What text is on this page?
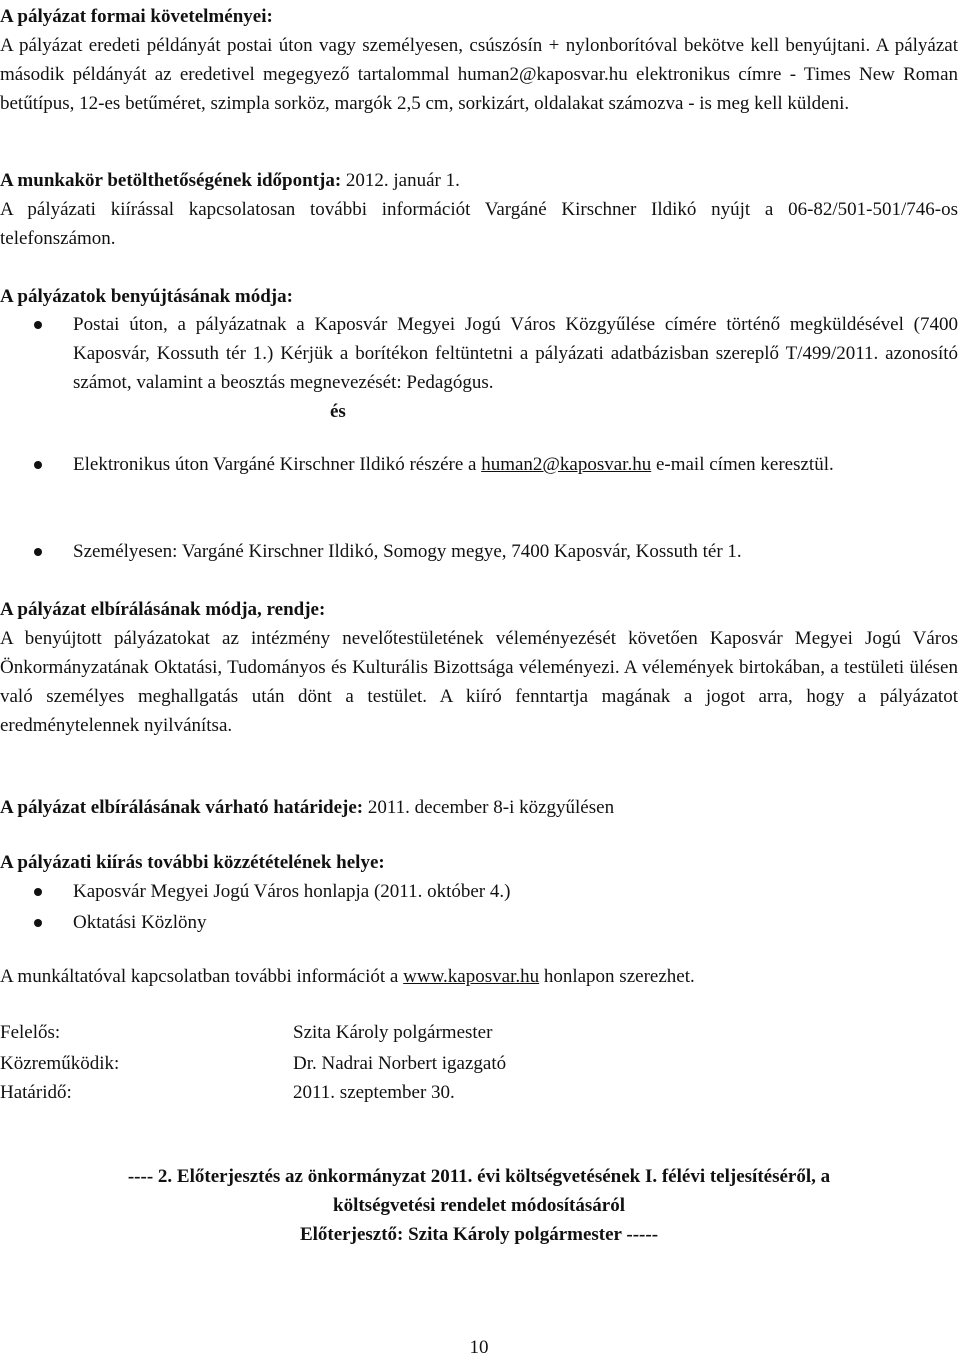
A pályázat formai követelményei:
A pályázat eredeti példányát postai úton vagy személyesen, csúszósín + nylonborítóval bekötve kell benyújtani. A pályázat második példányát az eredetivel megegyező tartalommal human2@kaposvar.hu elektronikus címre - Times New Roman betűtípus, 12-es betűméret, szimpla sorköz, margók 2,5 cm, sorkizárt, oldalakat számozva - is meg kell küldeni.
A munkakör betölthetőségének időpontja: 2012. január 1.
A pályázati kiírással kapcsolatosan további információt Vargáné Kirschner Ildikó nyújt a 06-82/501-501/746-os telefonszámon.
A pályázatok benyújtásának módja:
Postai úton, a pályázatnak a Kaposvár Megyei Jogú Város Közgyűlése címére történő megküldésével (7400 Kaposvár, Kossuth tér 1.) Kérjük a borítékon feltüntetni a pályázati adatbázisban szereplő T/499/2011. azonosító számot, valamint a beosztás megnevezését: Pedagógus.
és
Elektronikus úton Vargáné Kirschner Ildikó részére a human2@kaposvar.hu e-mail címen keresztül.
Személyesen: Vargáné Kirschner Ildikó, Somogy megye, 7400 Kaposvár, Kossuth tér 1.
A pályázat elbírálásának módja, rendje:
A benyújtott pályázatokat az intézmény nevelőtestületének véleményezését követően Kaposvár Megyei Jogú Város Önkormányzatának Oktatási, Tudományos és Kulturális Bizottsága véleményezi. A vélemények birtokában, a testületi ülésen való személyes meghallgatás után dönt a testület. A kiíró fenntartja magának a jogot arra, hogy a pályázatot eredménytelennek nyilvánítsa.
A pályázat elbírálásának várható határideje: 2011. december 8-i közgyűlésen
A pályázati kiírás további közzétételének helye:
Kaposvár Megyei Jogú Város honlapja (2011. október 4.)
Oktatási Közlöny
A munkáltatóval kapcsolatban további információt a www.kaposvar.hu honlapon szerezhet.
Felelős:	Szita Károly polgármester
Közreműködik:	Dr. Nadrai Norbert igazgató
Határidő:	2011. szeptember 30.
---- 2. Előterjesztés az önkormányzat 2011. évi költségvetésének I. félévi teljesítéséről, a
költségvetési rendelet módosításáról
Előterjesztő: Szita Károly polgármester -----
10
